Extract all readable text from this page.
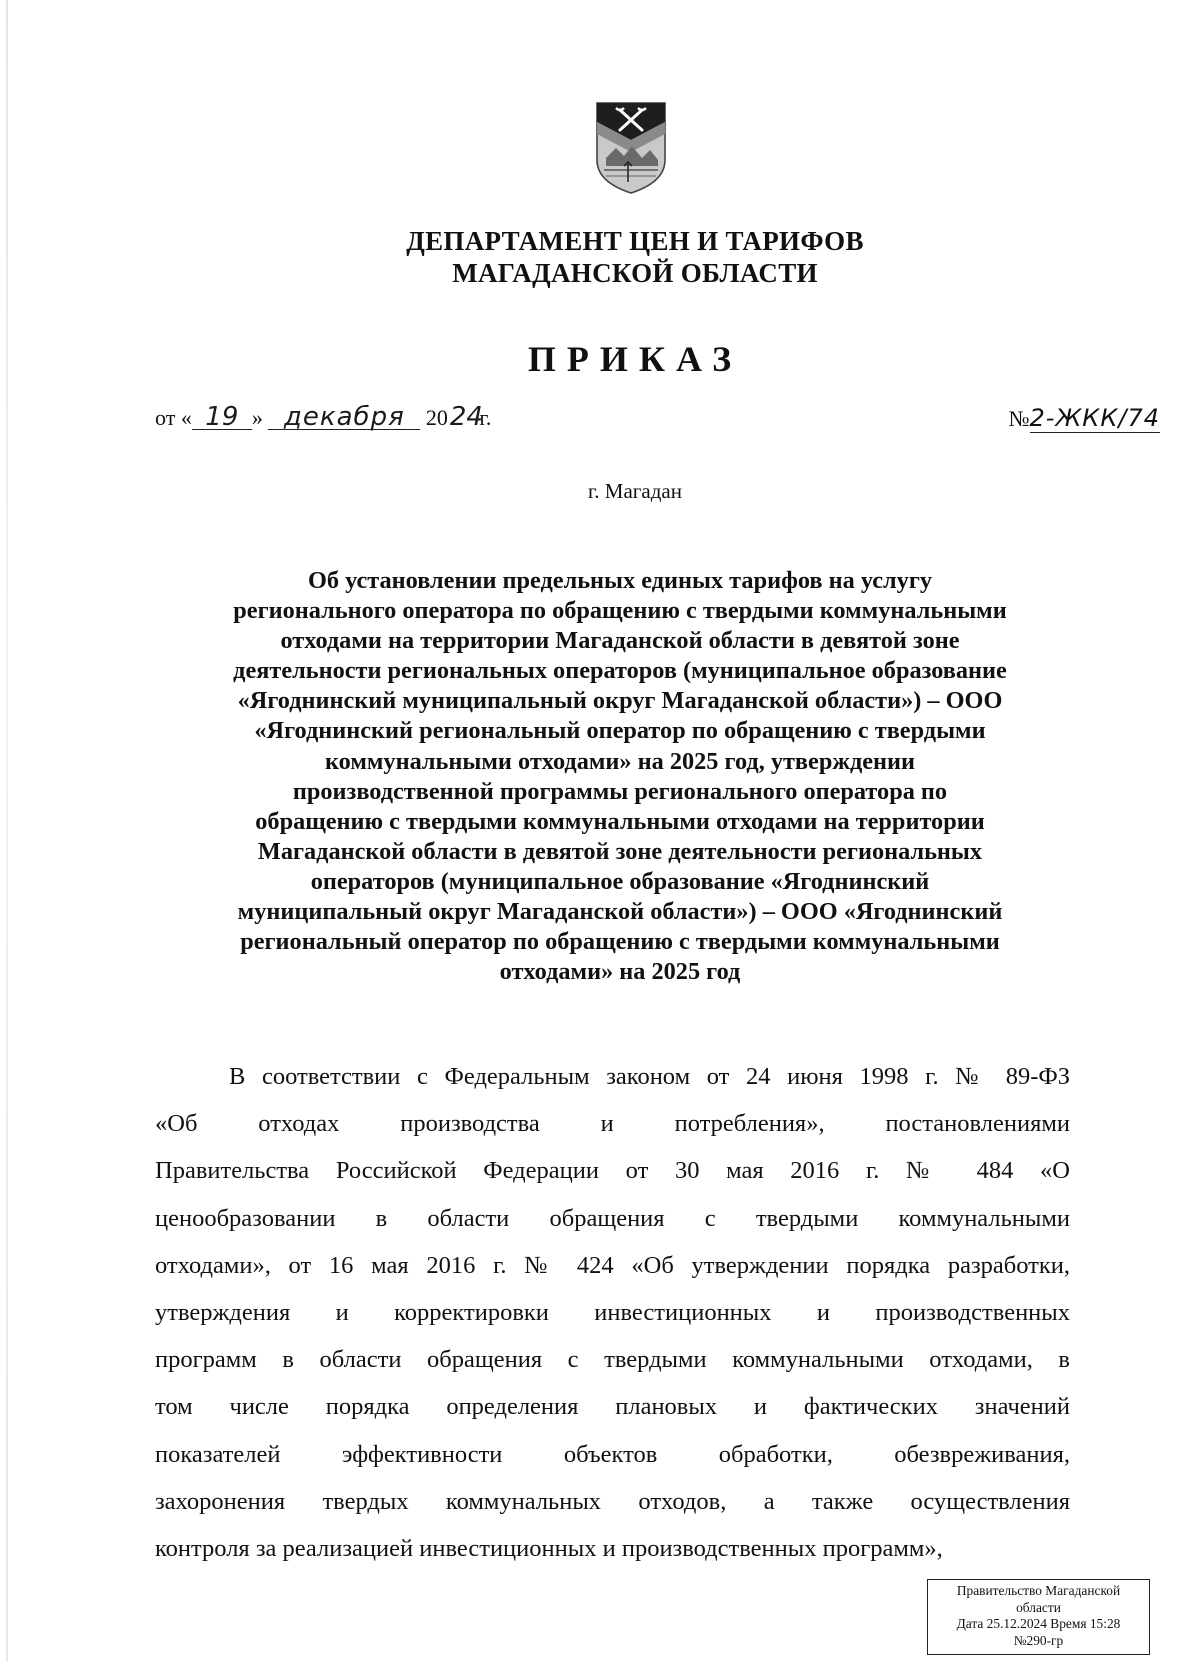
ДЕПАРТАМЕНТ ЦЕН И ТАРИФОВ
МАГАДАНСКОЙ ОБЛАСТИ
ПРИКАЗ
от « 19 » декабря 2024 г.	№2-ЖКК/74
г. Магадан
Об установлении предельных единых тарифов на услугу
регионального оператора по обращению с твердыми коммунальными
отходами на территории Магаданской области в девятой зоне
деятельности региональных операторов (муниципальное образование
«Ягоднинский муниципальный округ Магаданской области») – ООО
«Ягоднинский региональный оператор по обращению с твердыми
коммунальными отходами» на 2025 год, утверждении
производственной программы регионального оператора по
обращению с твердыми коммунальными отходами на территории
Магаданской области в девятой зоне деятельности региональных
операторов (муниципальное образование «Ягоднинский
муниципальный округ Магаданской области») – ООО «Ягоднинский
региональный оператор по обращению с твердыми коммунальными
отходами» на 2025 год
В соответствии с Федеральным законом от 24 июня 1998 г. № 89-ФЗ
«Об отходах производства и потребления», постановлениями
Правительства Российской Федерации от 30 мая 2016 г. № 484 «О
ценообразовании в области обращения с твердыми коммунальными
отходами», от 16 мая 2016 г. № 424 «Об утверждении порядка разработки,
утверждения и корректировки инвестиционных и производственных
программ в области обращения с твердыми коммунальными отходами, в
том числе порядка определения плановых и фактических значений
показателей эффективности объектов обработки, обезвреживания,
захоронения твердых коммунальных отходов, а также осуществления
контроля за реализацией инвестиционных и производственных программ»,
Правительство Магаданской
области
Дата 25.12.2024 Время 15:28
№290-гр
